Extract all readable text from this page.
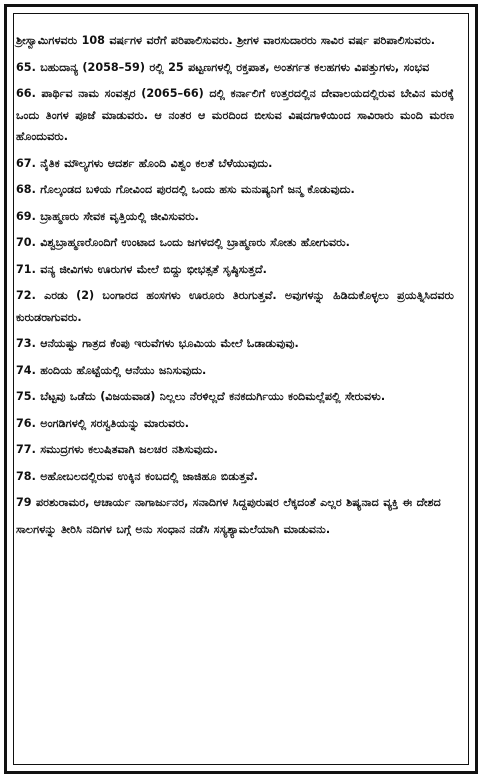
ಶ್ರೀಸ್ವಾಮಿಗಳವರು 108 ವರ್ಷಗಳ ವರೆಗೆ ಪರಿಪಾಲಿಸುವರು. ಶ್ರೀಗಳ ವಾರಸುದಾರರು ಸಾವಿರ ವರ್ಷ ಪರಿಪಾಲಿಸುವರು.

65. ಬಹುದಾನ್ಯ (2058–59) ರಲ್ಲಿ 25 ಪಟ್ಟಣಗಳಲ್ಲಿ ರಕ್ತಪಾತ, ಅಂತರ್ಗತ ಕಲಹಗಳು ವಿಪತ್ತುಗಳು, ಸಂಭವ

66. ಪಾರ್ಥಿವ ನಾಮ ಸಂವತ್ಸರ (2065–66) ದಲ್ಲಿ ಕರ್ನಾಲಿಗೆ ಉತ್ತರದಲ್ಲಿನ ದೇವಾಲಯದಲ್ಲಿರುವ ಬೇವಿನ ಮರಕ್ಕೆ ಒಂದು ತಿಂಗಳ ಪೂಜೆ ಮಾಡುವರು. ಆ ನಂತರ ಆ ಮರದಿಂದ ಬೀಸುವ ವಿಷದಗಾಳಿಯಿಂದ ಸಾವಿರಾರು ಮಂದಿ ಮರಣ ಹೊಂದುವರು.

67. ನೈತಿಕ ಮೌಲ್ಯಗಳು ಆದರ್ಶ ಹೊಂದಿ ವಿಶ್ವಂ ಕಲತೆ ಬೆಳೆಯುವುದು.

68. ಗೊಲ್ಕಂಡದ ಬಳಿಯ ಗೋವಿಂದ ಪುರದಲ್ಲಿ ಒಂದು ಹಸು ಮನುಷ್ಯನಿಗೆ ಜನ್ಮ ಕೊಡುವುದು.

69. ಬ್ರಾಹ್ಮಣರು ಸೇವಕ ವೃತ್ತಿಯಲ್ಲಿ ಜೀವಿಸುವರು.

70. ವಿಶ್ವಬ್ರಾಹ್ಮಣರೊಂದಿಗೆ ಉಂಟಾದ ಒಂದು ಜಗಳದಲ್ಲಿ ಬ್ರಾಹ್ಮಣರು ಸೋತು ಹೋಗುವರು.

71. ವನ್ಯ ಜೀವಿಗಳು ಊರುಗಳ ಮೇಲೆ ಬಿದ್ದು ಭೀಭತ್ಸತೆ ಸೃಷ್ಠಿಸುತ್ತದೆ.

72. ಎರಡು (2) ಬಂಗಾರದ ಹಂಸಗಳು ಊರೂರು ತಿರುಗುತ್ತವೆ. ಅವುಗಳನ್ನು ಹಿಡಿದುಕೊಳ್ಳಲು ಪ್ರಯತ್ನಿಸಿದವರು ಕುರುಡರಾಗುವರು.

73. ಆನೆಯಷ್ಟು ಗಾತ್ರದ ಕೆಂಪು ಇರುವೆಗಳು ಭೂಮಿಯ ಮೇಲೆ ಓಡಾಡುವುವು.

74. ಹಂದಿಯ ಹೊಟ್ಟೆಯಲ್ಲಿ ಆನೆಯು ಜನಿಸುವುದು.

75. ಬೆಟ್ಟವು ಒಡೆದು (ವಿಜಯವಾಡ) ನಿಲ್ಲಲು ನೆರಳಿಲ್ಲದೆ ಕನಕದುರ್ಗಿಯು ಕಂದಿಮಲ್ಲೆಪಲ್ಲಿ ಸೇರುವಳು.

76. ಅಂಗಡಿಗಳಲ್ಲಿ ಸರಸ್ವತಿಯನ್ನು ಮಾರುವರು.

77. ಸಮುದ್ರಗಳು ಕಲುಷಿತವಾಗಿ ಜಲಚರ ನಶಿಸುವುದು.

78. ಅಹೋಬಲದಲ್ಲಿರುವ ಉಕ್ಕಿನ ಕಂಬದಲ್ಲಿ ಜಾಜಿಹೂ ಬಿಡುತ್ತವೆ.

79 ಪರಶುರಾಮರ, ಆಚಾರ್ಯ ನಾಗಾರ್ಜುನರ, ಸನಾದಿಗಳ ಸಿದ್ದಪುರುಷರ ಲೆಕ್ಕದಂತೆ ಎಲ್ಲರ ಶಿಷ್ಯನಾದ ವ್ಯಕ್ತಿ ಈ ದೇಶದ

ಸಾಲಗಳನ್ನು ತೀರಿಸಿ ನದಿಗಳ ಬಗ್ಗೆ ಅನು ಸಂಧಾನ ನಡೆಸಿ ಸಸ್ಯಶ್ಯಾಮಲೆಯಾಗಿ ಮಾಡುವನು.
